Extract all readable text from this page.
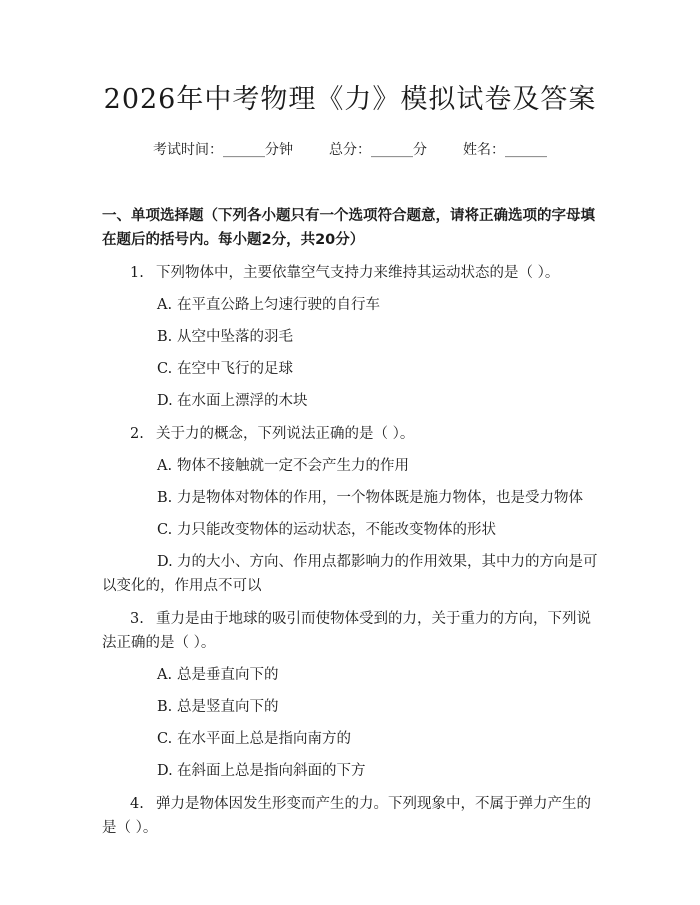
2026年中考物理《力》模拟试卷及答案
考试时间：______分钟	总分：______分	姓名：______
一、单项选择题（下列各小题只有一个选项符合题意，请将正确选项的字母填在题后的括号内。每小题2分，共20分）
1. 下列物体中，主要依靠空气支持力来维持其运动状态的是（ ）。
A. 在平直公路上匀速行驶的自行车
B. 从空中坠落的羽毛
C. 在空中飞行的足球
D. 在水面上漂浮的木块
2. 关于力的概念，下列说法正确的是（ ）。
A. 物体不接触就一定不会产生力的作用
B. 力是物体对物体的作用，一个物体既是施力物体，也是受力物体
C. 力只能改变物体的运动状态，不能改变物体的形状
D. 力的大小、方向、作用点都影响力的作用效果，其中力的方向是可以变化的，作用点不可以
3. 重力是由于地球的吸引而使物体受到的力，关于重力的方向，下列说法正确的是（ ）。
A. 总是垂直向下的
B. 总是竖直向下的
C. 在水平面上总是指向南方的
D. 在斜面上总是指向斜面的下方
4. 弹力是物体因发生形变而产生的力。下列现象中，不属于弹力产生的是（ ）。
